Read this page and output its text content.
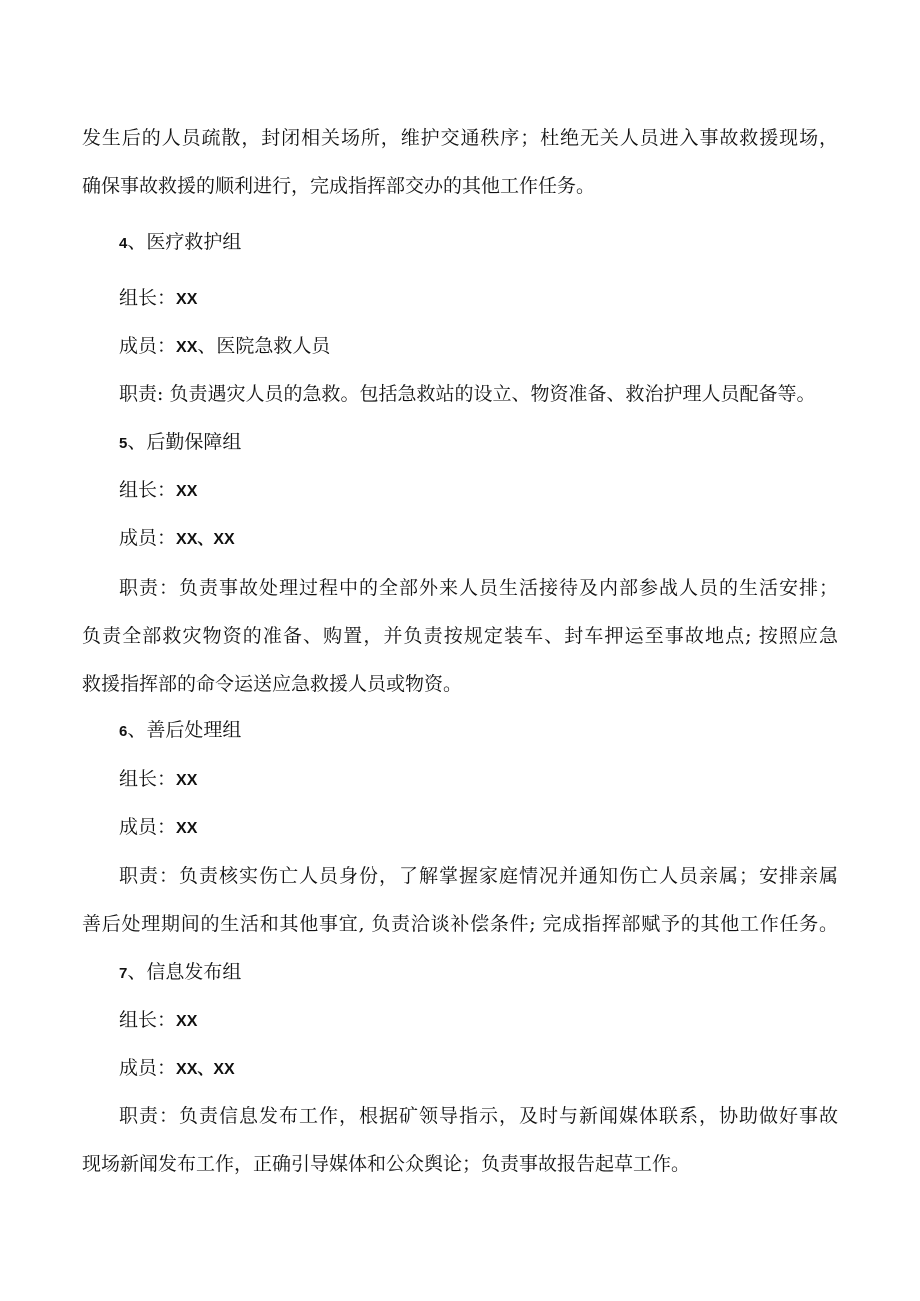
发生后的人员疏散，封闭相关场所，维护交通秩序；杜绝无关人员进入事故救援现场，

确保事故救援的顺利进行，完成指挥部交办的其他工作任务。

4、医疗救护组

组长：XX

成员：XX、医院急救人员

职责: 负责遇灾人员的急救。包括急救站的设立、物资准备、救治护理人员配备等。

5、后勤保障组

组长：XX

成员：XX、XX

职责：负责事故处理过程中的全部外来人员生活接待及内部参战人员的生活安排；

负责全部救灾物资的准备、购置，并负责按规定装车、封车押运至事故地点; 按照应急

救援指挥部的命令运送应急救援人员或物资。

6、善后处理组

组长：XX

成员：XX

职责：负责核实伤亡人员身份，了解掌握家庭情况并通知伤亡人员亲属；安排亲属

善后处理期间的生活和其他事宜, 负责洽谈补偿条件; 完成指挥部赋予的其他工作任务。

7、信息发布组

组长：XX

成员：XX、XX

职责：负责信息发布工作，根据矿领导指示，及时与新闻媒体联系，协助做好事故

现场新闻发布工作，正确引导媒体和公众舆论；负责事故报告起草工作。
